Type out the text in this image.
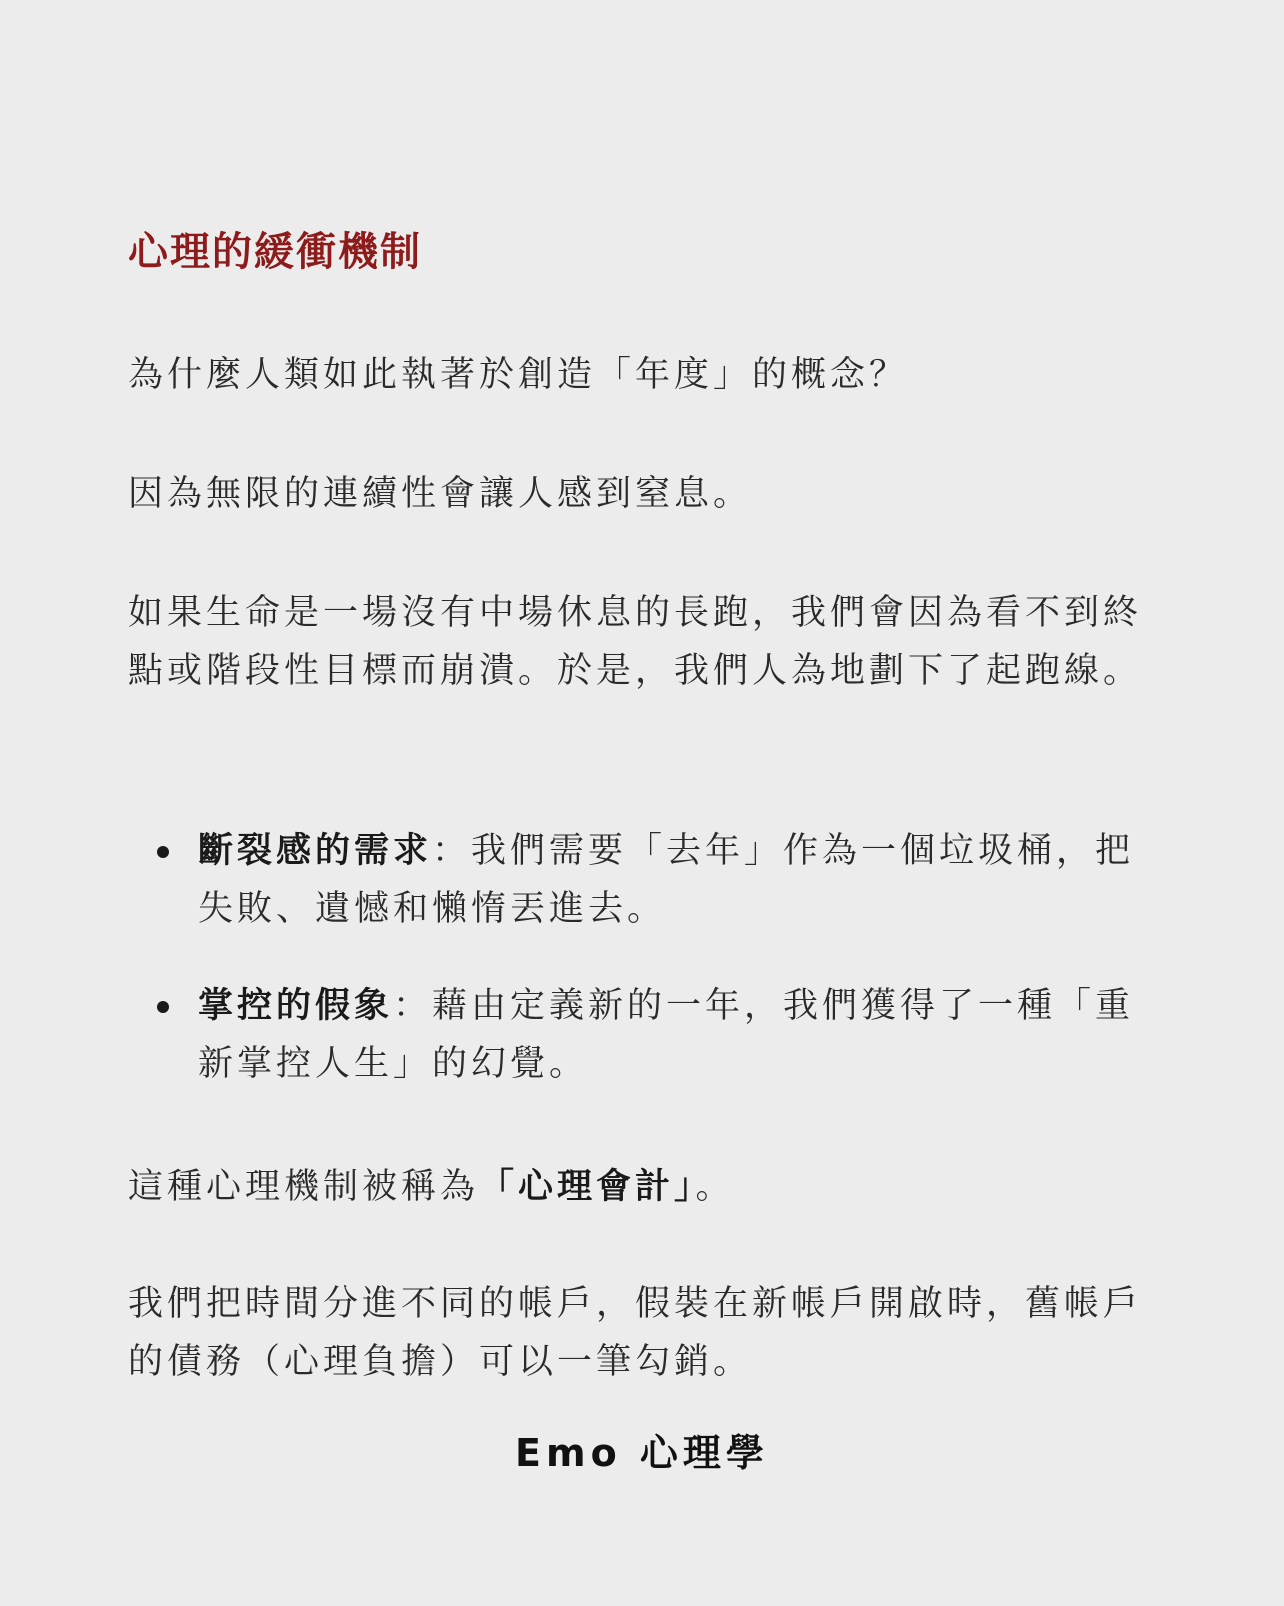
心理的緩衝機制
為什麼人類如此執著於創造「年度」的概念？
因為無限的連續性會讓人感到窒息。
如果生命是一場沒有中場休息的長跑，我們會因為看不到終點或階段性目標而崩潰。於是，我們人為地劃下了起跑線。
斷裂感的需求：我們需要「去年」作為一個垃圾桶，把失敗、遺憾和懶惰丟進去。
掌控的假象：藉由定義新的一年，我們獲得了一種「重新掌控人生」的幻覺。
這種心理機制被稱為「心理會計」。
我們把時間分進不同的帳戶，假裝在新帳戶開啟時，舊帳戶的債務（心理負擔）可以一筆勾銷。
Emo 心理學
